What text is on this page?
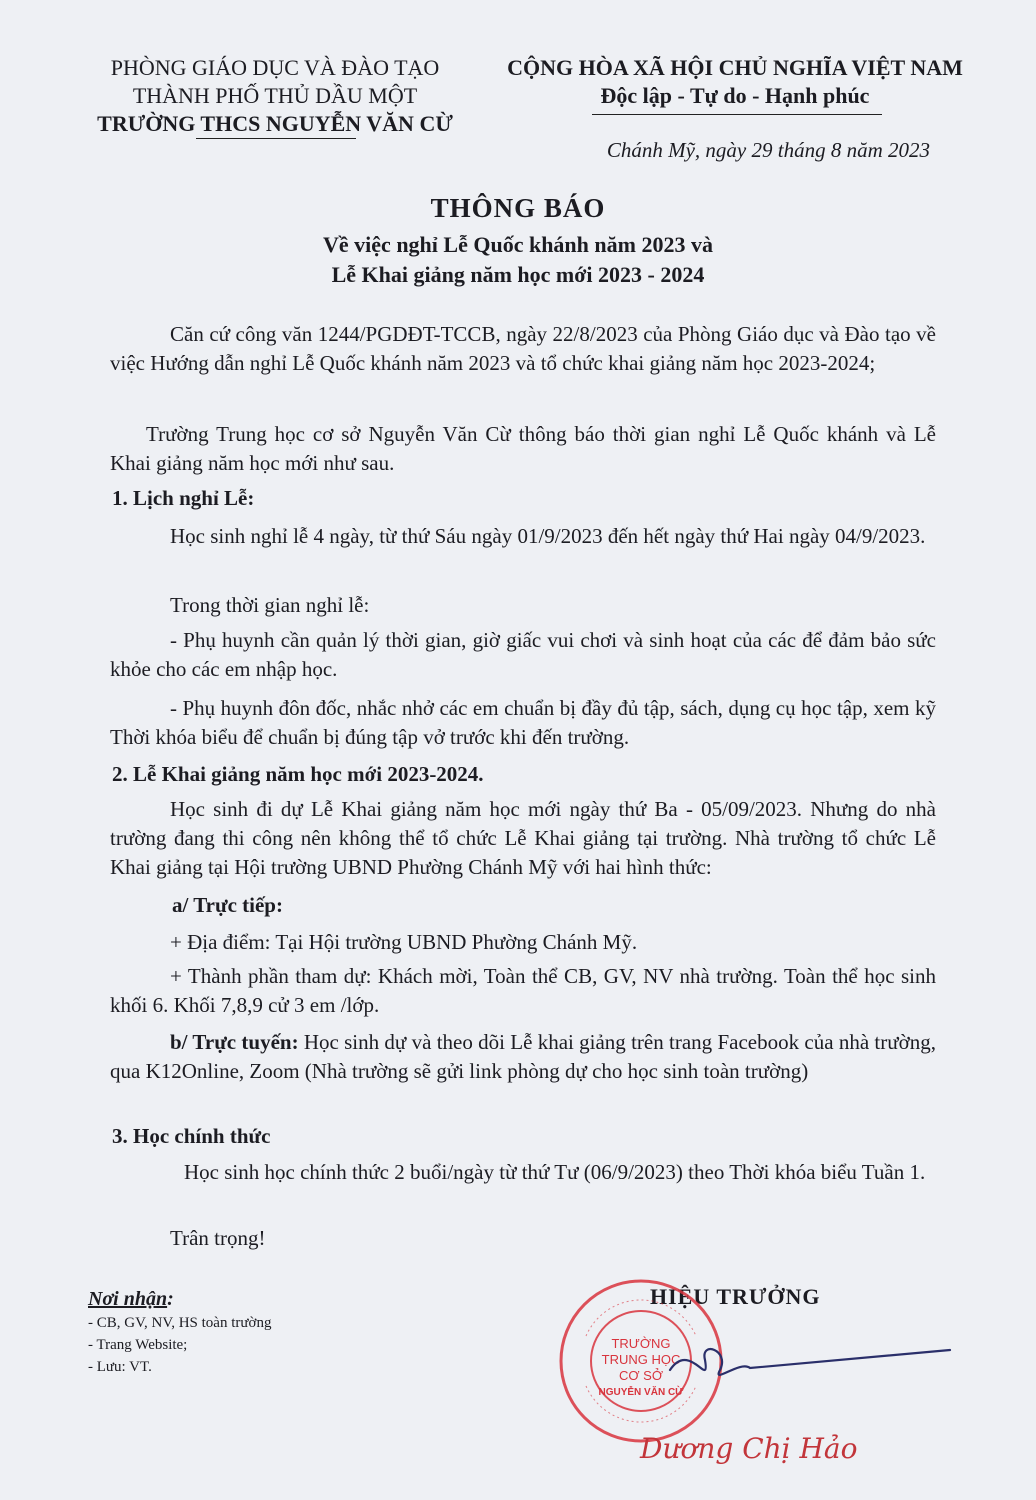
PHÒNG GIÁO DỤC VÀ ĐÀO TẠO
THÀNH PHỐ THỦ DẦU MỘT
TRƯỜNG THCS NGUYỄN VĂN CỪ
CỘNG HÒA XÃ HỘI CHỦ NGHĨA VIỆT NAM
Độc lập - Tự do - Hạnh phúc
Chánh Mỹ, ngày 29 tháng 8 năm 2023
THÔNG BÁO
Về việc nghỉ Lễ Quốc khánh năm 2023 và
Lễ Khai giảng năm học mới 2023 - 2024
Căn cứ công văn 1244/PGDĐT-TCCB, ngày 22/8/2023 của Phòng Giáo dục và Đào tạo về việc Hướng dẫn nghỉ Lễ Quốc khánh năm 2023 và tổ chức khai giảng năm học 2023-2024;
Trường Trung học cơ sở Nguyễn Văn Cừ thông báo thời gian nghỉ Lễ Quốc khánh và Lễ Khai giảng năm học mới như sau.
1. Lịch nghỉ Lễ:
Học sinh nghỉ lễ 4 ngày, từ thứ Sáu ngày 01/9/2023 đến hết ngày thứ Hai ngày 04/9/2023.
Trong thời gian nghỉ lễ:
- Phụ huynh cần quản lý thời gian, giờ giấc vui chơi và sinh hoạt của các để đảm bảo sức khỏe cho các em nhập học.
- Phụ huynh đôn đốc, nhắc nhở các em chuẩn bị đầy đủ tập, sách, dụng cụ học tập, xem kỹ Thời khóa biểu để chuẩn bị đúng tập vở trước khi đến trường.
2. Lễ Khai giảng năm học mới 2023-2024.
Học sinh đi dự Lễ Khai giảng năm học mới ngày thứ Ba - 05/09/2023. Nhưng do nhà trường đang thi công nên không thể tổ chức Lễ Khai giảng tại trường. Nhà trường tổ chức Lễ Khai giảng tại Hội trường UBND Phường Chánh Mỹ với hai hình thức:
a/ Trực tiếp:
+ Địa điểm: Tại Hội trường UBND Phường Chánh Mỹ.
+ Thành phần tham dự: Khách mời, Toàn thể CB, GV, NV nhà trường. Toàn thể học sinh khối 6. Khối 7,8,9 cử 3 em /lớp.
b/ Trực tuyến: Học sinh dự và theo dõi Lễ khai giảng trên trang Facebook của nhà trường, qua K12Online, Zoom (Nhà trường sẽ gửi link phòng dự cho học sinh toàn trường)
3. Học chính thức
Học sinh học chính thức 2 buổi/ngày từ thứ Tư (06/9/2023) theo Thời khóa biểu Tuần 1.
Trân trọng!
Nơi nhận:
- CB, GV, NV, HS toàn trường
- Trang Website;
- Lưu: VT.
HIỆU TRƯỞNG
TRƯỜNG
TRUNG HỌC
CƠ SỞ
NGUYỄN VĂN CỪ
Dương Chị Hảo
